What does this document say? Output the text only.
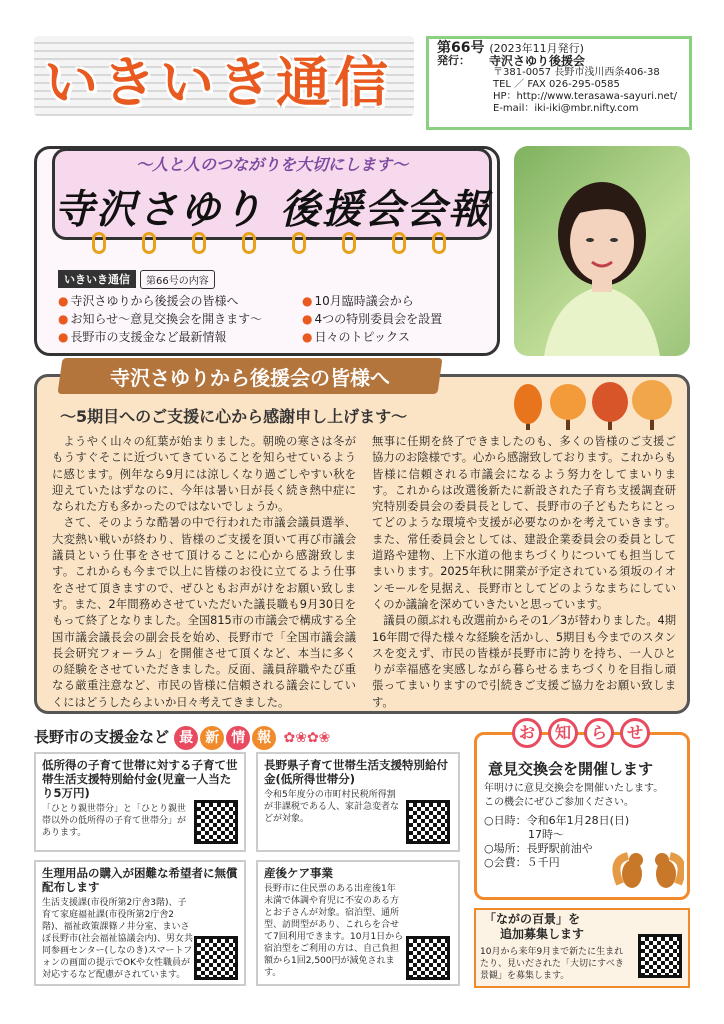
いきいき通信
第66号 (2023年11月発行)
発行：	寺沢さゆり後援会
〒381-0057 長野市浅川西条406-38
TEL ／ FAX 026-295-0585
HP：http://www.terasawa-sayuri.net/
E-mail：iki-iki@mbr.nifty.com
～人と人のつながりを大切にします～
寺沢さゆり 後援会会報
いきいき通信	第66号の内容
● 寺沢さゆりから後援会の皆様へ
● お知らせ～意見交換会を開きます～
● 長野市の支援金など最新情報
● 10月臨時議会から
● 4つの特別委員会を設置
● 日々のトピックス
寺沢さゆりから後援会の皆様へ
～5期目へのご支援に心から感謝申し上げます～

ようやく山々の紅葉が始まりました。朝晩の寒さは冬がもうすぐそこに近づいてきていることを知らせているように感じます。例年なら9月には涼しくなり過ごしやすい秋を迎えていたはずなのに、今年は暑い日が長く続き熱中症になられた方も多かったのではないでしょうか。

さて、そのような酷暑の中で行われた市議会議員選挙、大変熱い戦いが終わり、皆様のご支援を頂いて再び市議会議員という仕事をさせて頂けることに心から感謝致します。これからも今まで以上に皆様のお役に立てるよう仕事をさせて頂きますので、ぜひともお声がけをお願い致します。また、2年間務めさせていただいた議長職も9月30日をもって終了となりました。全国815市の市議会で構成する全国市議会議長会の副会長を始め、長野市で「全国市議会議長会研究フォーラム」を開催させて頂くなど、本当に多くの経験をさせていただきました。反面、議員辞職やたび重なる厳重注意など、市民の皆様に信頼される議会にしていくにはどうしたらよいか日々考えてきました。

無事に任期を終了できましたのも、多くの皆様のご支援ご協力のお陰様です。心から感謝致しております。これからも皆様に信頼される市議会になるよう努力をしてまいります。これからは改選後新たに新設された子育ち支援調査研究特別委員会の委員長として、長野市の子どもたちにとってどのような環境や支援が必要なのかを考えていきます。また、常任委員会としては、建設企業委員会の委員として道路や建物、上下水道の他まちづくりについても担当してまいります。2025年秋に開業が予定されている須坂のイオンモールを見据え、長野市としてどのようなまちにしていくのか議論を深めていきたいと思っています。

議員の顔ぶれも改選前からその1／3が替わりました。4期16年間で得た様々な経験を活かし、5期目も今までのスタンスを変えず、市民の皆様が長野市に誇りを持ち、一人ひとりが幸福感を実感しながら暮らせるまちづくりを目指し頑張ってまいりますので引続きご支援ご協力をお願い致します。

長野市の支援金など 最 新 情 報 ✿❀✿❀
低所得の子育て世帯に対する子育て世帯生活支援特別給付金(児童一人当たり5万円)

「ひとり親世帯分」と「ひとり親世帯以外の低所得の子育て世帯分」があります。

長野県子育て世帯生活支援特別給付金(低所得世帯分)

令和5年度分の市町村民税所得割が非課税である人、家計急変者などが対象。

生理用品の購入が困難な希望者に無償配布します

生活支援課(市役所第2庁舎3階)、子育て家庭福祉課(市役所第2庁舎2階)、福祉政策課篠ノ井分室、まいさぽ長野市(社会福祉協議会内)、男女共同参画センター(しなのき)スマートフォンの画面の提示でOKや女性職員が対応するなど配慮がされています。

産後ケア事業

長野市に住民票のある出産後1年未満で体調や育児に不安のある方とお子さんが対象。宿泊型、通所型、訪問型があり、これらを合せて7回利用できます。10月1日から宿泊型をご利用の方は、自己負担額から1回2,500円が減免されます。

お	知	ら	せ
意見交換会を開催します
年明けに意見交換会を開催いたします。
この機会にぜひご参加ください。
○日時：令和6年1月28日(日)
　　　　17時～
○場所：長野駅前油や
○会費：５千円
「ながの百景」を
追加募集します
10月から来年9月まで新たに生まれたり、見いだされた「大切にすべき景観」を募集します。
